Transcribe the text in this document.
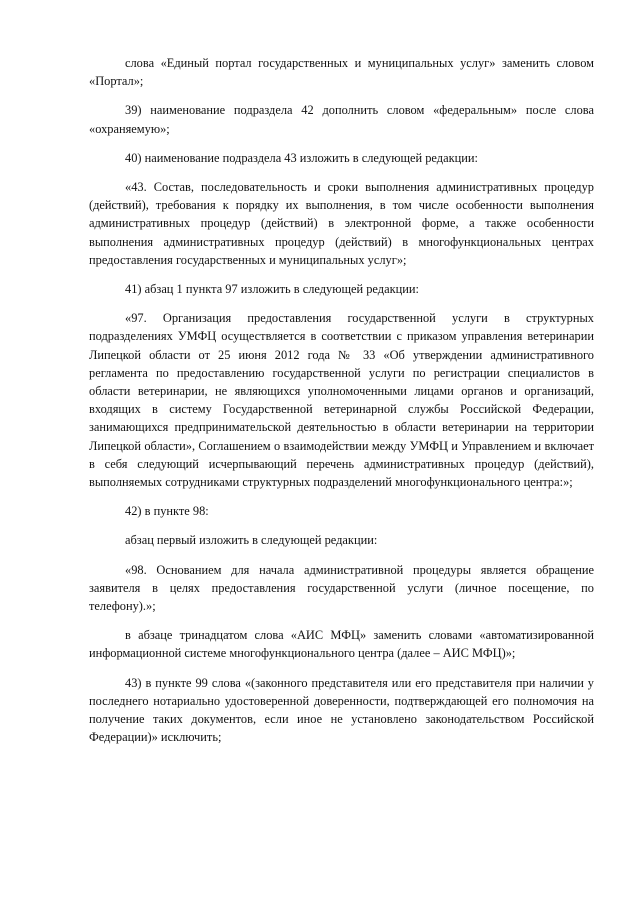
слова «Единый портал государственных и муниципальных услуг» заменить словом «Портал»;

39) наименование подраздела 42 дополнить словом «федеральным» после слова «охраняемую»;

40) наименование подраздела 43 изложить в следующей редакции:

«43. Состав, последовательность и сроки выполнения административных процедур (действий), требования к порядку их выполнения, в том числе особенности выполнения административных процедур (действий) в электронной форме, а также особенности выполнения административных процедур (действий) в многофункциональных центрах предоставления государственных и муниципальных услуг»;

41) абзац 1 пункта 97 изложить в следующей редакции:

«97. Организация предоставления государственной услуги в структурных подразделениях УМФЦ осуществляется в соответствии с приказом управления ветеринарии Липецкой области от 25 июня 2012 года № 33 «Об утверждении административного регламента по предоставлению государственной услуги по регистрации специалистов в области ветеринарии, не являющихся уполномоченными лицами органов и организаций, входящих в систему Государственной ветеринарной службы Российской Федерации, занимающихся предпринимательской деятельностью в области ветеринарии на территории Липецкой области», Соглашением о взаимодействии между УМФЦ и Управлением и включает в себя следующий исчерпывающий перечень административных процедур (действий), выполняемых сотрудниками структурных подразделений многофункционального центра:»;

42) в пункте 98:

абзац первый изложить в следующей редакции:

«98. Основанием для начала административной процедуры является обращение заявителя в целях предоставления государственной услуги (личное посещение, по телефону).»;

в абзаце тринадцатом слова «АИС МФЦ» заменить словами «автоматизированной информационной системе многофункционального центра (далее – АИС МФЦ)»;

43) в пункте 99 слова «(законного представителя или его представителя при наличии у последнего нотариально удостоверенной доверенности, подтверждающей его полномочия на получение таких документов, если иное не установлено законодательством Российской Федерации)» исключить;
